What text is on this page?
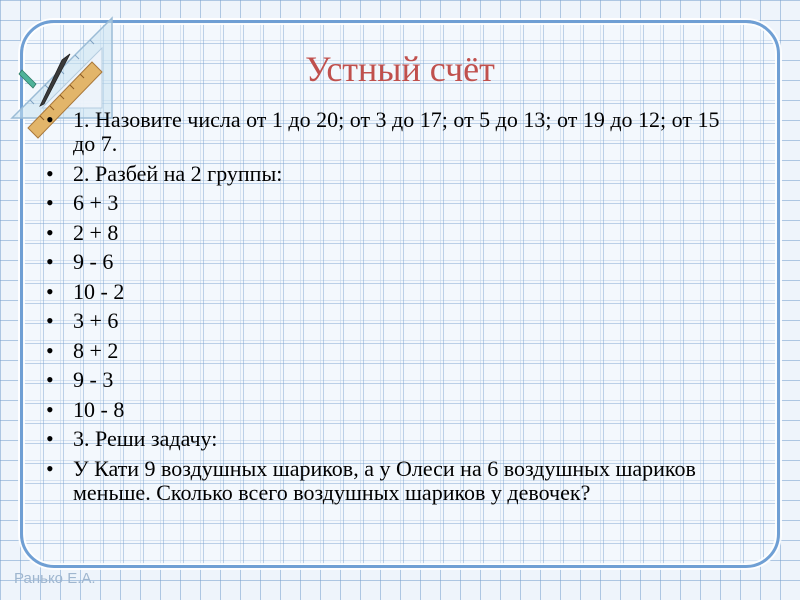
Устный счёт
• 1. Назовите числа от 1 до 20; от 3 до 17; от 5 до 13; от 19 до 12; от 15 до 7.
• 2. Разбей на 2 группы:
• 6 + 3
• 2 + 8
• 9 - 6
• 10 - 2
• 3 + 6
• 8 + 2
• 9 - 3
• 10 - 8
• 3. Реши задачу:
• У Кати 9 воздушных шариков, а у Олеси на 6 воздушных шариков меньше. Сколько всего воздушных шариков у девочек?
Ранько Е.А.
